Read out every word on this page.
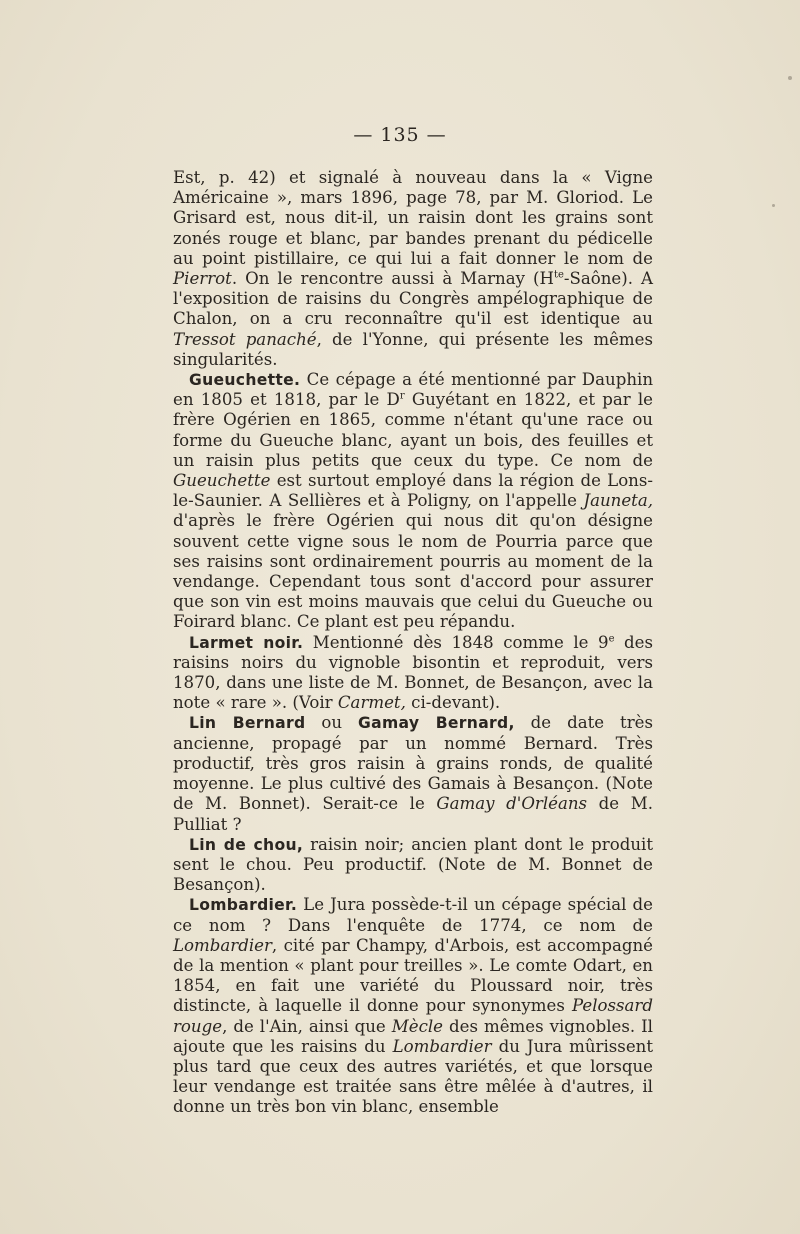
— 135 —

Est, p. 42) et signalé à nouveau dans la « Vigne Américaine », mars 1896, page 78, par M. Gloriod. Le Grisard est, nous dit-il, un raisin dont les grains sont zonés rouge et blanc, par bandes prenant du pédicelle au point pistillaire, ce qui lui a fait donner le nom de Pierrot. On le rencontre aussi à Marnay $(H^{te}-Saône)$. A l'exposition de raisins du Congrès ampélographique de Chalon, on a cru reconnaître qu'il est identique au Tressot panaché, de l'Yonne, qui présente les mêmes singularités.

Gueuchette. Ce cépage a été mentionné par Dauphin en 1805 et 1818, par le $D^r$ Guyétant en 1822, et par le frère Ogérien en 1865, comme n'étant qu'une race ou forme du Gueuche blanc, ayant un bois, des feuilles et un raisin plus petits que ceux du type. Ce nom de Gueuchette est surtout employé dans la région de Lons-le-Saunier. A Sellières et à Poligny, on l'appelle Jauneta, d'après le frère Ogérien qui nous dit qu'on désigne souvent cette vigne sous le nom de Pourria parce que ses raisins sont ordinairement pourris au moment de la vendange. Cependant tous sont d'accord pour assurer que son vin est moins mauvais que celui du Gueuche ou Foirard blanc. Ce plant est peu répandu.

Larmet noir. Mentionné dès 1848 comme le 9e des raisins noirs du vignoble bisontin et reproduit, vers 1870, dans une liste de M. Bonnet, de Besançon, avec la note « rare ». (Voir Carmet, ci-devant).

Lin Bernard ou Gamay Bernard, de date très ancienne, propagé par un nommé Bernard. Très productif, très gros raisin à grains ronds, de qualité moyenne. Le plus cultivé des Gamais à Besançon. (Note de M. Bonnet). Serait-ce le Gamay d'Orléans de M. Pulliat ?

Lin de chou, raisin noir; ancien plant dont le produit sent le chou. Peu productif. (Note de M. Bonnet de Besançon).

Lombardier. Le Jura possède-t-il un cépage spécial de ce nom ? Dans l'enquête de 1774, ce nom de Lombardier, cité par Champy, d'Arbois, est accompagné de la mention « plant pour treilles ». Le comte Odart, en 1854, en fait une variété du Ploussard noir, très distincte, à laquelle il donne pour synonymes Pelossard rouge, de l'Ain, ainsi que Mècle des mêmes vignobles. Il ajoute que les raisins du Lombardier du Jura mûrissent plus tard que ceux des autres variétés, et que lorsque leur vendange est traitée sans être mêlée à d'autres, il donne un très bon vin blanc, ensemble
